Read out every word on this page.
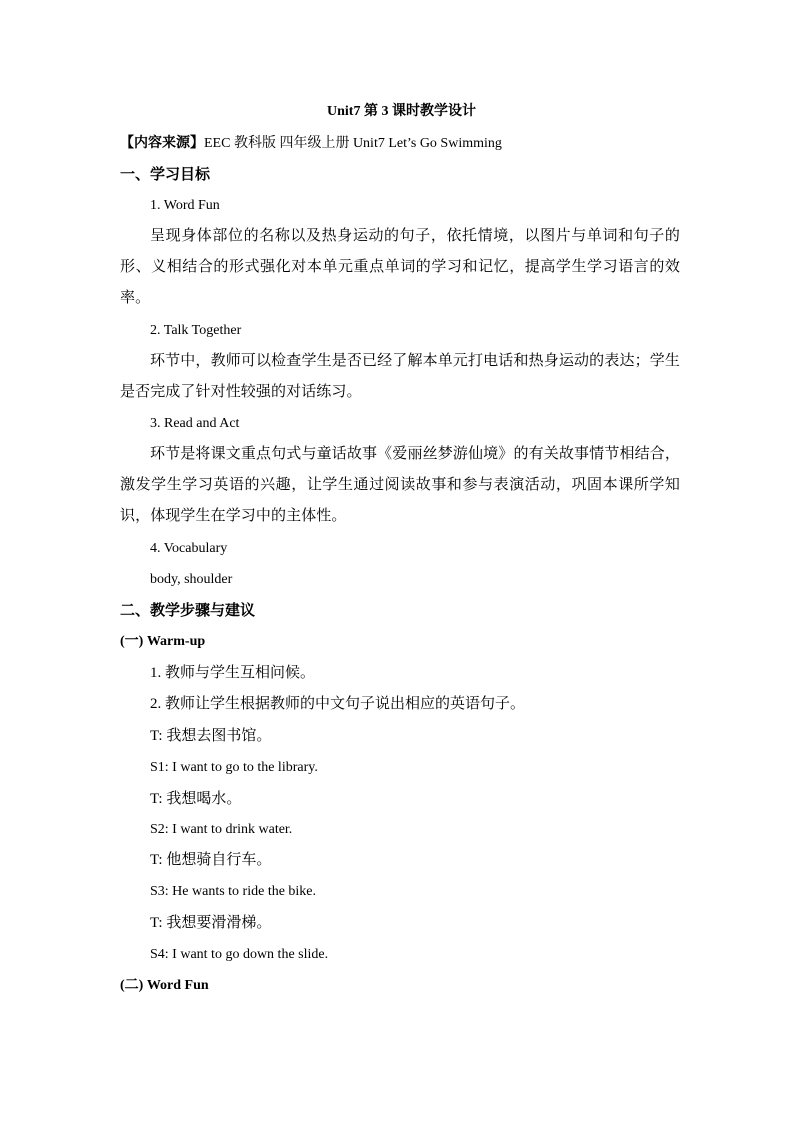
Unit7 第 3 课时教学设计
【内容来源】EEC 教科版 四年级上册 Unit7 Let’s Go Swimming
一、学习目标
1. Word Fun
呈现身体部位的名称以及热身运动的句子，依托情境，以图片与单词和句子的形、义相结合的形式强化对本单元重点单词的学习和记忆，提高学生学习语言的效率。
2. Talk Together
环节中，教师可以检查学生是否已经了解本单元打电话和热身运动的表达；学生是否完成了针对性较强的对话练习。
3. Read and Act
环节是将课文重点句式与童话故事《爱丽丝梦游仙境》的有关故事情节相结合，激发学生学习英语的兴趣，让学生通过阅读故事和参与表演活动，巩固本课所学知识，体现学生在学习中的主体性。
4. Vocabulary
body, shoulder
二、教学步骤与建议
(一) Warm-up
1. 教师与学生互相问候。
2. 教师让学生根据教师的中文句子说出相应的英语句子。
T: 我想去图书馆。
S1: I want to go to the library.
T: 我想喝水。
S2: I want to drink water.
T: 他想骑自行车。
S3: He wants to ride the bike.
T: 我想要滑滑梯。
S4: I want to go down the slide.
(二) Word Fun
